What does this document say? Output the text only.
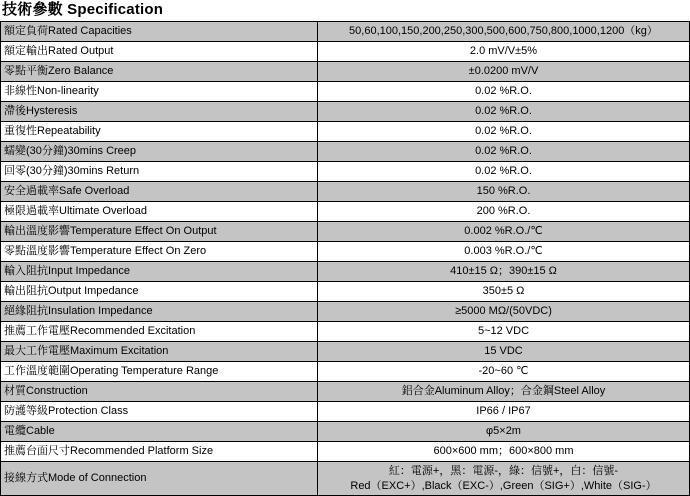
技術參數 Specification
額定負荷Rated Capacities	50,60,100,150,200,250,300,500,600,750,800,1000,1200（kg）
額定輸出Rated Output	2.0 mV/V±5%
零點平衡Zero Balance	±0.0200 mV/V
非線性Non-linearity	0.02 %R.O.
滯後Hysteresis	0.02 %R.O.
重復性Repeatability	0.02 %R.O.
蠕變(30分鐘)30mins Creep	0.02 %R.O.
回零(30分鐘)30mins Return	0.02 %R.O.
安全過載率Safe Overload	150 %R.O.
極限過載率Ultimate Overload	200 %R.O.
輸出溫度影響Temperature Effect On Output	0.002 %R.O./℃
零點溫度影響Temperature Effect On Zero	0.003 %R.O./℃
輸入阻抗Input Impedance	410±15 Ω；390±15 Ω
輸出阻抗Output Impedance	350±5 Ω
絕緣阻抗Insulation Impedance	≥5000 MΩ/(50VDC)
推薦工作電壓Recommended Excitation	5~12 VDC
最大工作電壓Maximum Excitation	15 VDC
工作溫度範圍Operating Temperature Range	-20~60 ℃
材質Construction	鋁合金Aluminum Alloy；合金鋼Steel Alloy
防護等級Protection Class	IP66 / IP67
電纜Cable	φ5×2m
推薦台面尺寸Recommended Platform Size	600×600 mm；600×800 mm
接線方式Mode of Connection	紅：電源+，黑：電源-，綠：信號+，白：信號-
Red（EXC+）,Black（EXC-）,Green（SIG+）,White（SIG-）
